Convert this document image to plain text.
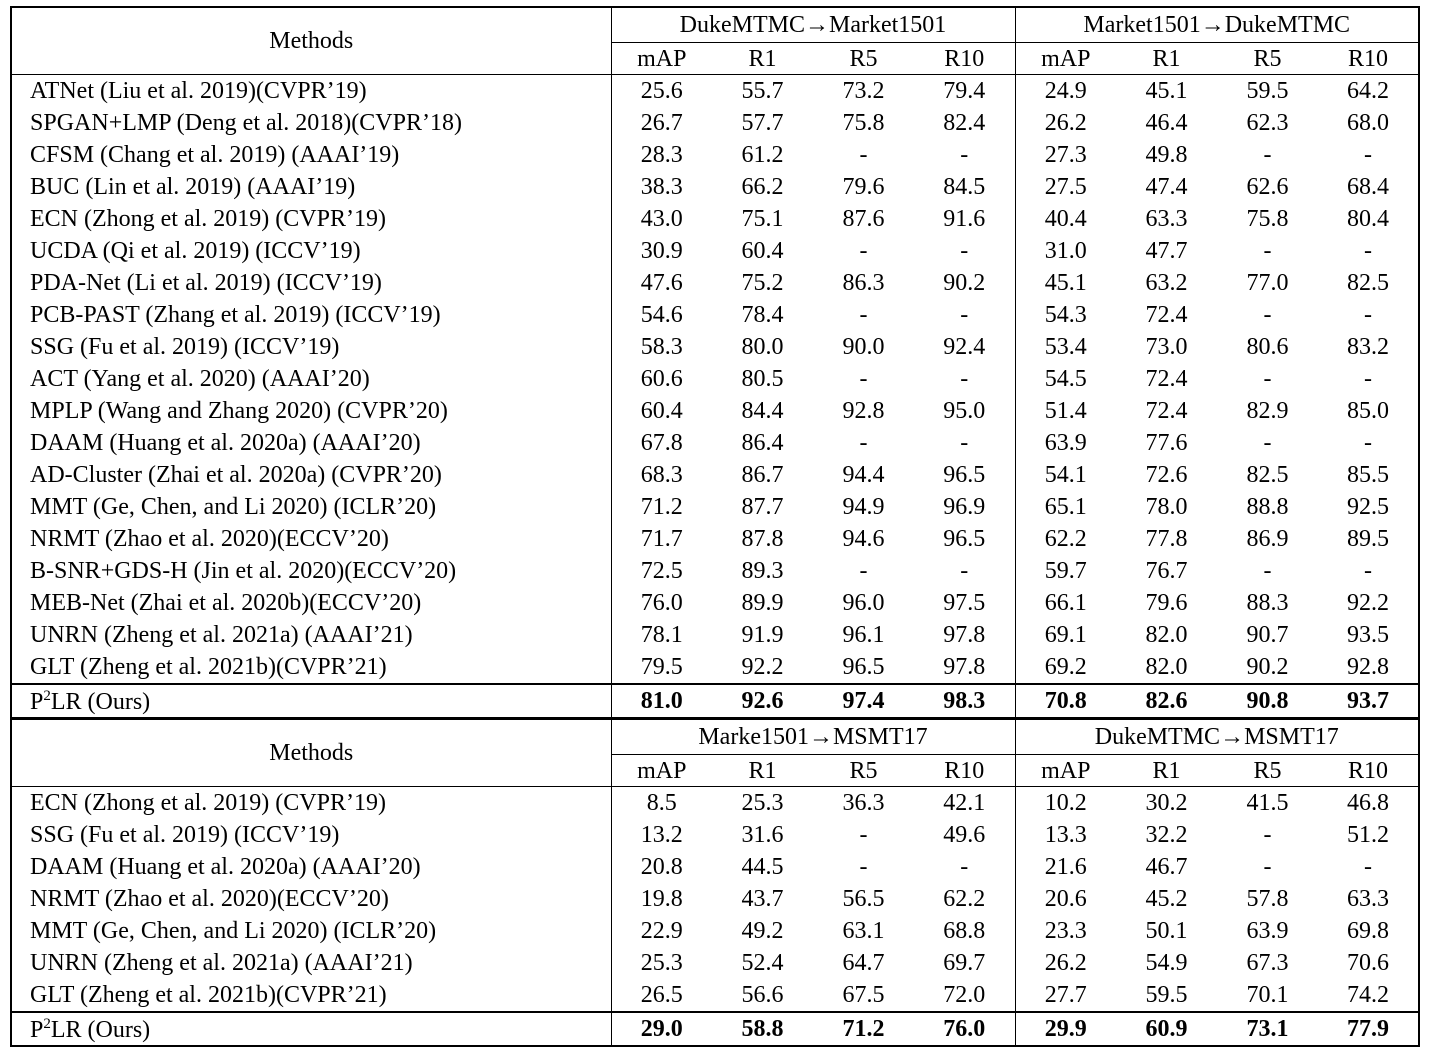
Methods	DukeMTMC→Market1501				Market1501→DukeMTMC			
	mAP	R1	R5	R10	mAP	R1	R5	R10
ATNet (Liu et al. 2019)(CVPR’19)	25.6	55.7	73.2	79.4	24.9	45.1	59.5	64.2
SPGAN+LMP (Deng et al. 2018)(CVPR’18)	26.7	57.7	75.8	82.4	26.2	46.4	62.3	68.0
CFSM (Chang et al. 2019) (AAAI’19)	28.3	61.2	-	-	27.3	49.8	-	-
BUC (Lin et al. 2019) (AAAI’19)	38.3	66.2	79.6	84.5	27.5	47.4	62.6	68.4
ECN (Zhong et al. 2019) (CVPR’19)	43.0	75.1	87.6	91.6	40.4	63.3	75.8	80.4
UCDA (Qi et al. 2019) (ICCV’19)	30.9	60.4	-	-	31.0	47.7	-	-
PDA-Net (Li et al. 2019) (ICCV’19)	47.6	75.2	86.3	90.2	45.1	63.2	77.0	82.5
PCB-PAST (Zhang et al. 2019) (ICCV’19)	54.6	78.4	-	-	54.3	72.4	-	-
SSG (Fu et al. 2019) (ICCV’19)	58.3	80.0	90.0	92.4	53.4	73.0	80.6	83.2
ACT (Yang et al. 2020) (AAAI’20)	60.6	80.5	-	-	54.5	72.4	-	-
MPLP (Wang and Zhang 2020) (CVPR’20)	60.4	84.4	92.8	95.0	51.4	72.4	82.9	85.0
DAAM (Huang et al. 2020a) (AAAI’20)	67.8	86.4	-	-	63.9	77.6	-	-
AD-Cluster (Zhai et al. 2020a) (CVPR’20)	68.3	86.7	94.4	96.5	54.1	72.6	82.5	85.5
MMT (Ge, Chen, and Li 2020) (ICLR’20)	71.2	87.7	94.9	96.9	65.1	78.0	88.8	92.5
NRMT (Zhao et al. 2020)(ECCV’20)	71.7	87.8	94.6	96.5	62.2	77.8	86.9	89.5
B-SNR+GDS-H (Jin et al. 2020)(ECCV’20)	72.5	89.3	-	-	59.7	76.7	-	-
MEB-Net (Zhai et al. 2020b)(ECCV’20)	76.0	89.9	96.0	97.5	66.1	79.6	88.3	92.2
UNRN (Zheng et al. 2021a) (AAAI’21)	78.1	91.9	96.1	97.8	69.1	82.0	90.7	93.5
GLT (Zheng et al. 2021b)(CVPR’21)	79.5	92.2	96.5	97.8	69.2	82.0	90.2	92.8
$P^2LR$ (Ours)	81.0	92.6	97.4	98.3	70.8	82.6	90.8	93.7
Methods	Marke1501→MSMT17				DukeMTMC→MSMT17			
	mAP	R1	R5	R10	mAP	R1	R5	R10
ECN (Zhong et al. 2019) (CVPR’19)	8.5	25.3	36.3	42.1	10.2	30.2	41.5	46.8
SSG (Fu et al. 2019) (ICCV’19)	13.2	31.6	-	49.6	13.3	32.2	-	51.2
DAAM (Huang et al. 2020a) (AAAI’20)	20.8	44.5	-	-	21.6	46.7	-	-
NRMT (Zhao et al. 2020)(ECCV’20)	19.8	43.7	56.5	62.2	20.6	45.2	57.8	63.3
MMT (Ge, Chen, and Li 2020) (ICLR’20)	22.9	49.2	63.1	68.8	23.3	50.1	63.9	69.8
UNRN (Zheng et al. 2021a) (AAAI’21)	25.3	52.4	64.7	69.7	26.2	54.9	67.3	70.6
GLT (Zheng et al. 2021b)(CVPR’21)	26.5	56.6	67.5	72.0	27.7	59.5	70.1	74.2
$P^2LR$ (Ours)	29.0	58.8	71.2	76.0	29.9	60.9	73.1	77.9
